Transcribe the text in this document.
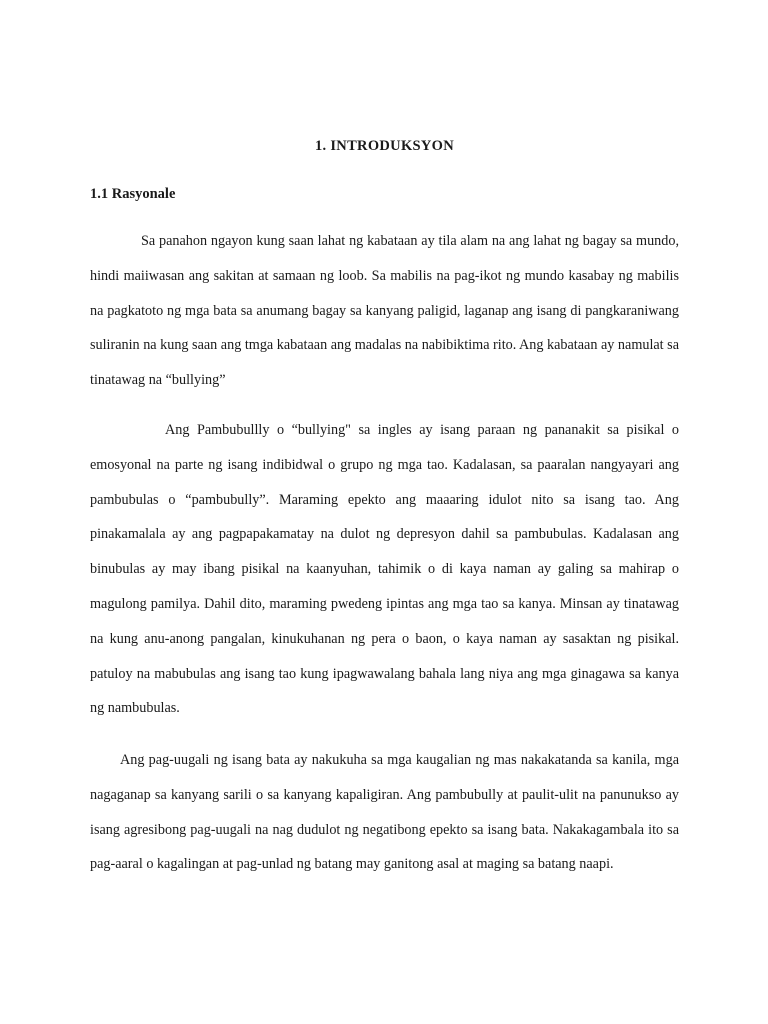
1. INTRODUKSYON
1.1 Rasyonale

Sa panahon ngayon kung saan lahat ng kabataan ay tila alam na ang lahat ng bagay sa mundo, hindi maiiwasan ang sakitan at samaan ng loob. Sa mabilis na pag-ikot ng mundo kasabay ng mabilis na pagkatoto ng mga bata sa anumang bagay sa kanyang paligid, laganap ang isang di pangkaraniwang suliranin na kung saan ang tmga kabataan ang madalas na nabibiktima rito. Ang kabataan ay namulat sa tinatawag na “bullying”

Ang Pambubullly o “bullying" sa ingles ay isang paraan ng pananakit sa pisikal o emosyonal na parte ng isang indibidwal o grupo ng mga tao. Kadalasan, sa paaralan nangyayari ang pambubulas o “pambubully”. Maraming epekto ang maaaring idulot nito sa isang tao. Ang pinakamalala ay ang pagpapakamatay na dulot ng depresyon dahil sa pambubulas. Kadalasan ang binubulas ay may ibang pisikal na kaanyuhan, tahimik o di kaya naman ay galing sa mahirap o magulong pamilya. Dahil dito, maraming pwedeng ipintas ang mga tao sa kanya. Minsan ay tinatawag na kung anu-anong pangalan, kinukuhanan ng pera o baon, o kaya naman ay sasaktan ng pisikal. patuloy na mabubulas ang isang tao kung ipagwawalang bahala lang niya ang mga ginagawa sa kanya ng nambubulas.

Ang pag-uugali ng isang bata ay nakukuha sa mga kaugalian ng mas nakakatanda sa kanila, mga nagaganap sa kanyang sarili o sa kanyang kapaligiran. Ang pambubully at paulit-ulit na panunukso ay isang agresibong pag-uugali na nag dudulot ng negatibong epekto sa isang bata. Nakakagambala ito sa pag-aaral o kagalingan at pag-unlad ng batang may ganitong asal at maging sa batang naapi.
